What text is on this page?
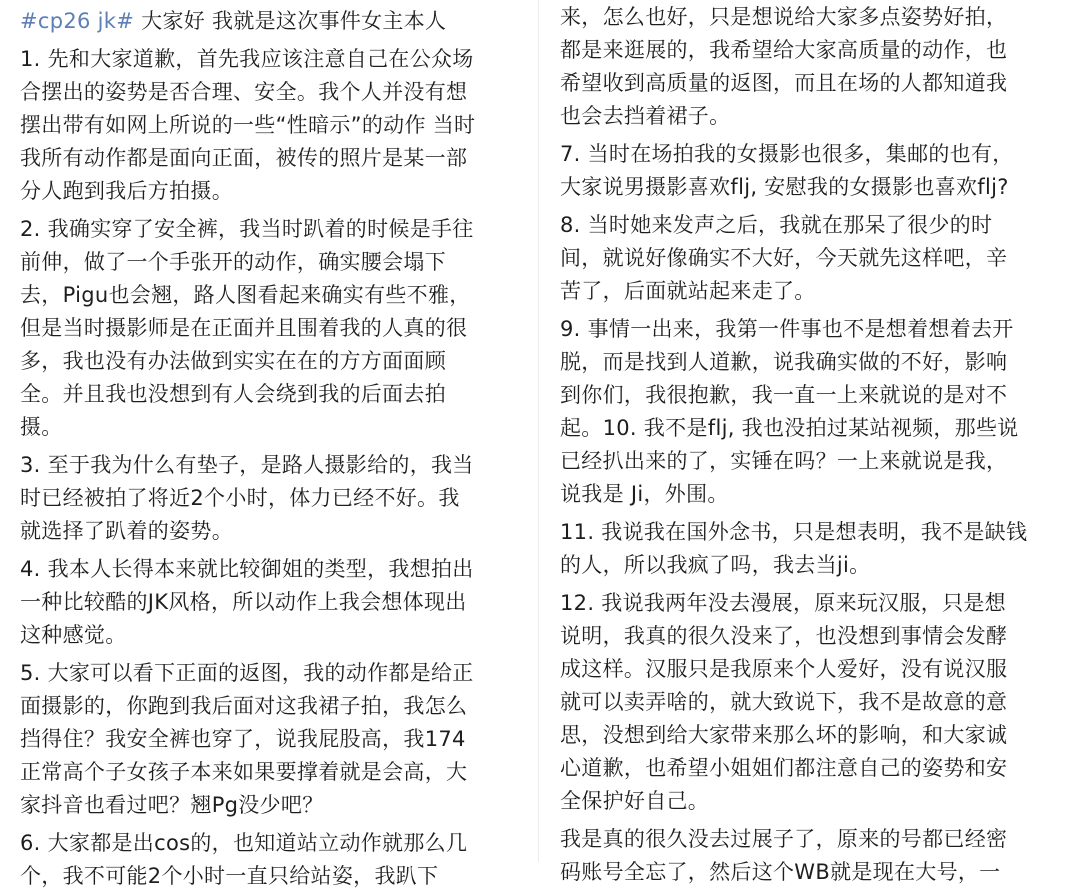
#cp26 jk# 大家好 我就是这次事件女主本人
1. 先和大家道歉，首先我应该注意自己在公众场
合摆出的姿势是否合理、安全。我个人并没有想
摆出带有如网上所说的一些“性暗示”的动作 当时
我所有动作都是面向正面，被传的照片是某一部
分人跑到我后方拍摄。
2. 我确实穿了安全裤，我当时趴着的时候是手往
前伸，做了一个手张开的动作，确实腰会塌下
去，Pigu也会翘，路人图看起来确实有些不雅，
但是当时摄影师是在正面并且围着我的人真的很
多，我也没有办法做到实实在在的方方面面顾
全。并且我也没想到有人会绕到我的后面去拍
摄。
3. 至于我为什么有垫子，是路人摄影给的，我当
时已经被拍了将近2个小时，体力已经不好。我
就选择了趴着的姿势。
4. 我本人长得本来就比较御姐的类型，我想拍出
一种比较酷的JK风格，所以动作上我会想体现出
这种感觉。
5. 大家可以看下正面的返图，我的动作都是给正
面摄影的，你跑到我后面对这我裙子拍，我怎么
挡得住？我安全裤也穿了，说我屁股高，我174
正常高个子女孩子本来如果要撑着就是会高，大
家抖音也看过吧？翘Pg没少吧？
6. 大家都是出cos的，也知道站立动作就那么几
个，我不可能2个小时一直只给站姿，我趴下
来，怎么也好，只是想说给大家多点姿势好拍，
都是来逛展的，我希望给大家高质量的动作，也
希望收到高质量的返图，而且在场的人都知道我
也会去挡着裙子。
7. 当时在场拍我的女摄影也很多，集邮的也有，
大家说男摄影喜欢flj, 安慰我的女摄影也喜欢flj?
8. 当时她来发声之后，我就在那呆了很少的时
间，就说好像确实不大好，今天就先这样吧，辛
苦了，后面就站起来走了。
9. 事情一出来，我第一件事也不是想着想着去开
脱，而是找到人道歉，说我确实做的不好，影响
到你们，我很抱歉，我一直一上来就说的是对不
起。10. 我不是flj, 我也没拍过某站视频，那些说
已经扒出来的了，实锤在吗？一上来就说是我，
说我是 Ji，外围。
11. 我说我在国外念书，只是想表明，我不是缺钱
的人，所以我疯了吗，我去当ji。
12. 我说我两年没去漫展，原来玩汉服，只是想
说明，我真的很久没来了，也没想到事情会发酵
成这样。汉服只是我原来个人爱好，没有说汉服
就可以卖弄啥的，就大致说下，我不是故意的意
思，没想到给大家带来那么坏的影响，和大家诚
心道歉，也希望小姐姐们都注意自己的姿势和安
全保护好自己。
我是真的很久没去过展子了，原来的号都已经密
码账号全忘了，然后这个WB就是现在大号，一
